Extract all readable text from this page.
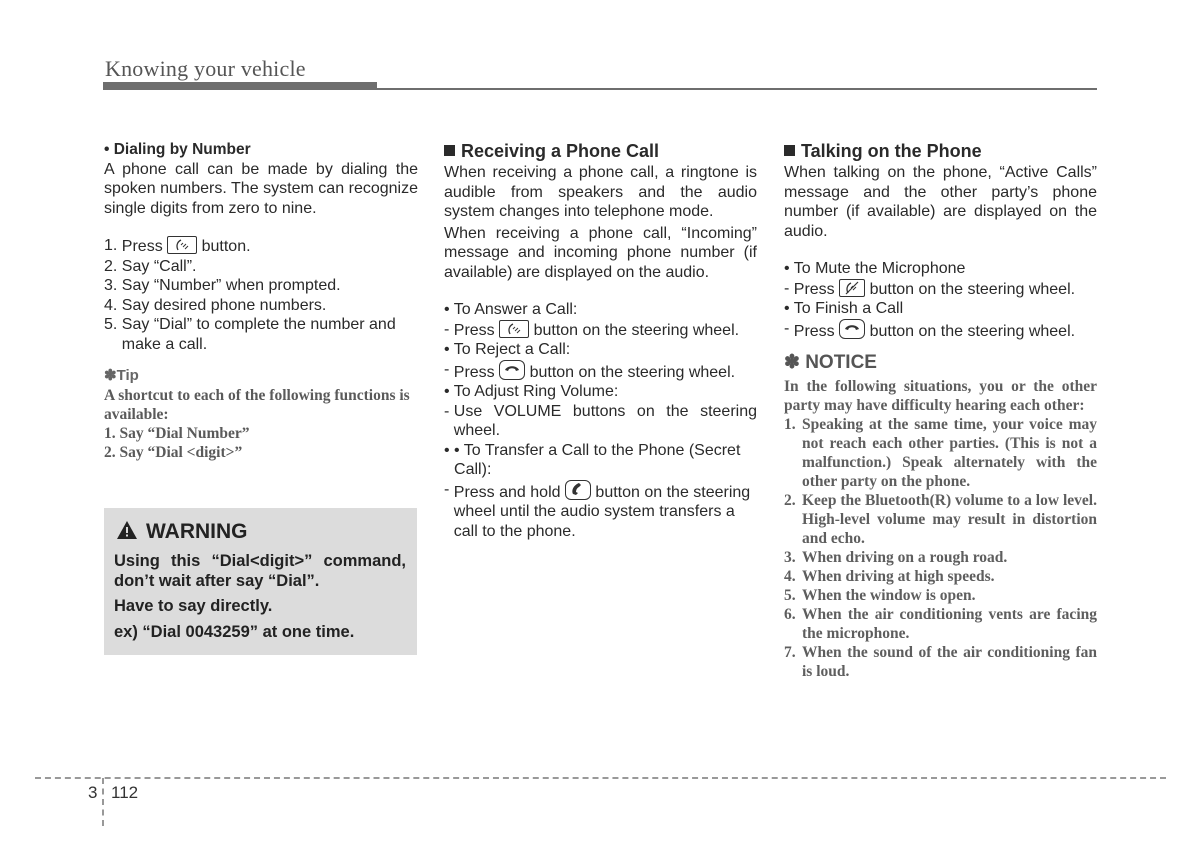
Knowing your vehicle
• Dialing by Number
A phone call can be made by dialing the spoken numbers. The system can recognize single digits from zero to nine.
1. Press button.
2. Say “Call”.
3. Say “Number” when prompted.
4. Say desired phone numbers.
5. Say “Dial” to complete the number and make a call.
✽Tip
A shortcut to each of the following functions is available:
1. Say “Dial Number”
2. Say “Dial <digit>”
WARNING

Using this “Dial<digit>” command, don’t wait after say “Dial”.

Have to say directly.

ex) “Dial 0043259” at one time.

Receiving a Phone Call
When receiving a phone call, a ringtone is audible from speakers and the audio system changes into telephone mode.
When receiving a phone call, “Incoming” message and incoming phone number (if available) are displayed on the audio.
• To Answer a Call:
- Press button on the steering wheel.
• To Reject a Call:
- Press button on the steering wheel.
• To Adjust Ring Volume:
- Use VOLUME buttons on the steering wheel.
• • To Transfer a Call to the Phone (Secret Call):
- Press and hold button on the steering wheel until the audio system transfers a call to the phone.
Talking on the Phone
When talking on the phone, “Active Calls” message and the other party’s phone number (if available) are displayed on the audio.
• To Mute the Microphone
- Press button on the steering wheel.
• To Finish a Call
- Press button on the steering wheel.
✽ NOTICE
In the following situations, you or the other party may have difficulty hearing each other:
1. Speaking at the same time, your voice may not reach each other parties. (This is not a malfunction.) Speak alternately with the other party on the phone.
2. Keep the Bluetooth(R) volume to a low level. High-level volume may result in distortion and echo.
3. When driving on a rough road.
4. When driving at high speeds.
5. When the window is open.
6. When the air conditioning vents are facing the microphone.
7. When the sound of the air conditioning fan is loud.
3 112
